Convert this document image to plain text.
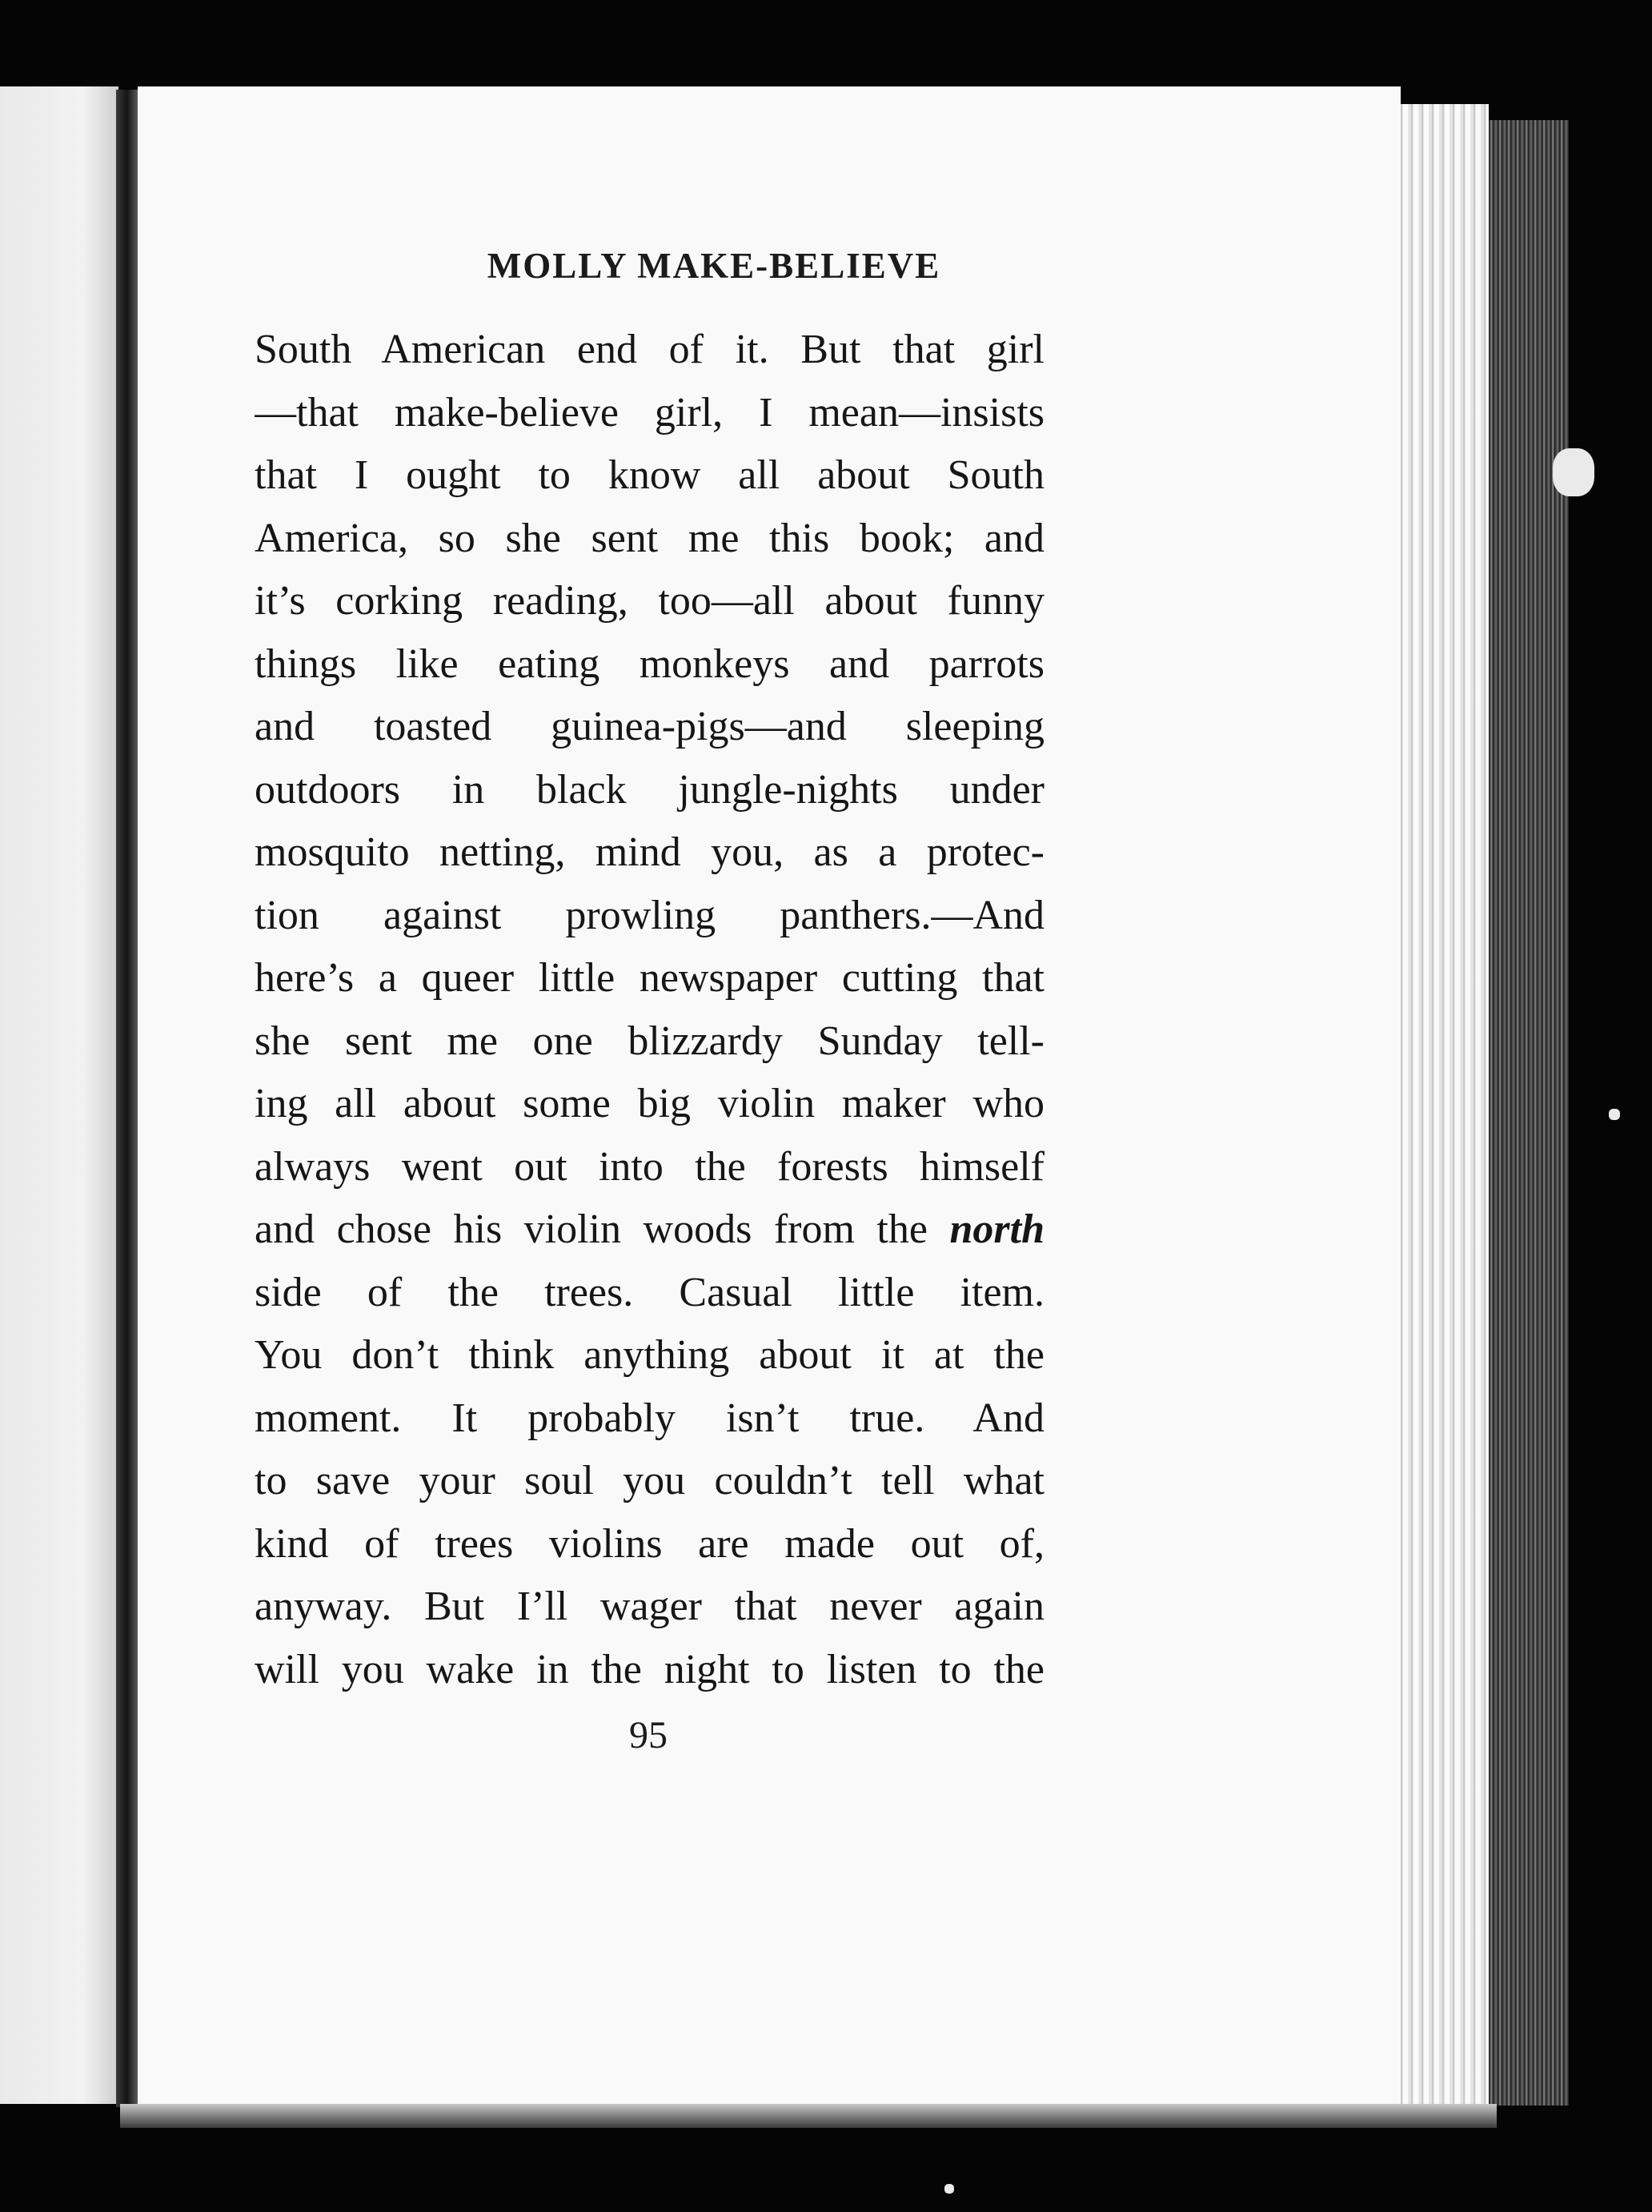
MOLLY MAKE-BELIEVE
South American end of it. But that girl
—that make-believe girl, I mean—insists
that I ought to know all about South
America, so she sent me this book; and
it’s corking reading, too—all about funny
things like eating monkeys and parrots
and toasted guinea-pigs—and sleeping
outdoors in black jungle-nights under
mosquito netting, mind you, as a protec-
tion against prowling panthers.—And
here’s a queer little newspaper cutting that
she sent me one blizzardy Sunday tell-
ing all about some big violin maker who
always went out into the forests himself
and chose his violin woods from the north
side of the trees. Casual little item.
You don’t think anything about it at the
moment. It probably isn’t true. And
to save your soul you couldn’t tell what
kind of trees violins are made out of,
anyway. But I’ll wager that never again
will you wake in the night to listen to the
95
